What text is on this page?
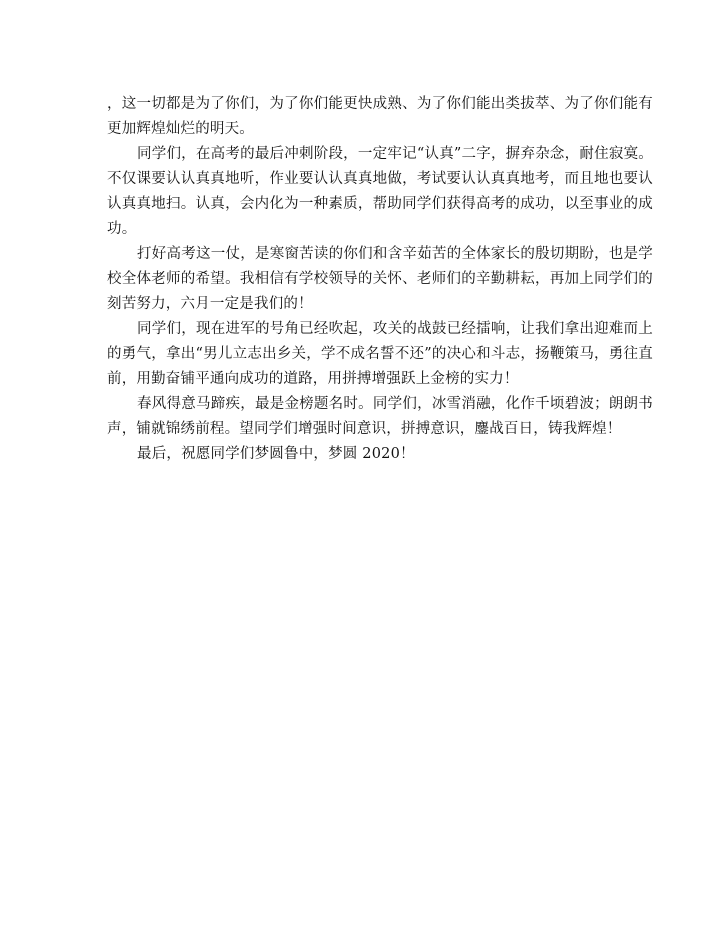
，这一切都是为了你们，为了你们能更快成熟、为了你们能出类拔萃、为了你们能有更加辉煌灿烂的明天。

同学们，在高考的最后冲刺阶段，一定牢记“认真”二字，摒弃杂念，耐住寂寞。不仅课要认认真真地听，作业要认认真真地做，考试要认认真真地考，而且地也要认认真真地扫。认真，会内化为一种素质，帮助同学们获得高考的成功，以至事业的成功。

打好高考这一仗，是寒窗苦读的你们和含辛茹苦的全体家长的殷切期盼，也是学校全体老师的希望。我相信有学校领导的关怀、老师们的辛勤耕耘，再加上同学们的刻苦努力，六月一定是我们的！

同学们，现在进军的号角已经吹起，攻关的战鼓已经擂响，让我们拿出迎难而上的勇气，拿出“男儿立志出乡关，学不成名誓不还”的决心和斗志，扬鞭策马，勇往直前，用勤奋铺平通向成功的道路，用拼搏增强跃上金榜的实力！

春风得意马蹄疾，最是金榜题名时。同学们，冰雪消融，化作千顷碧波；朗朗书声，铺就锦绣前程。望同学们增强时间意识，拼搏意识，鏖战百日，铸我辉煌！

最后，祝愿同学们梦圆鲁中，梦圆 2020！
